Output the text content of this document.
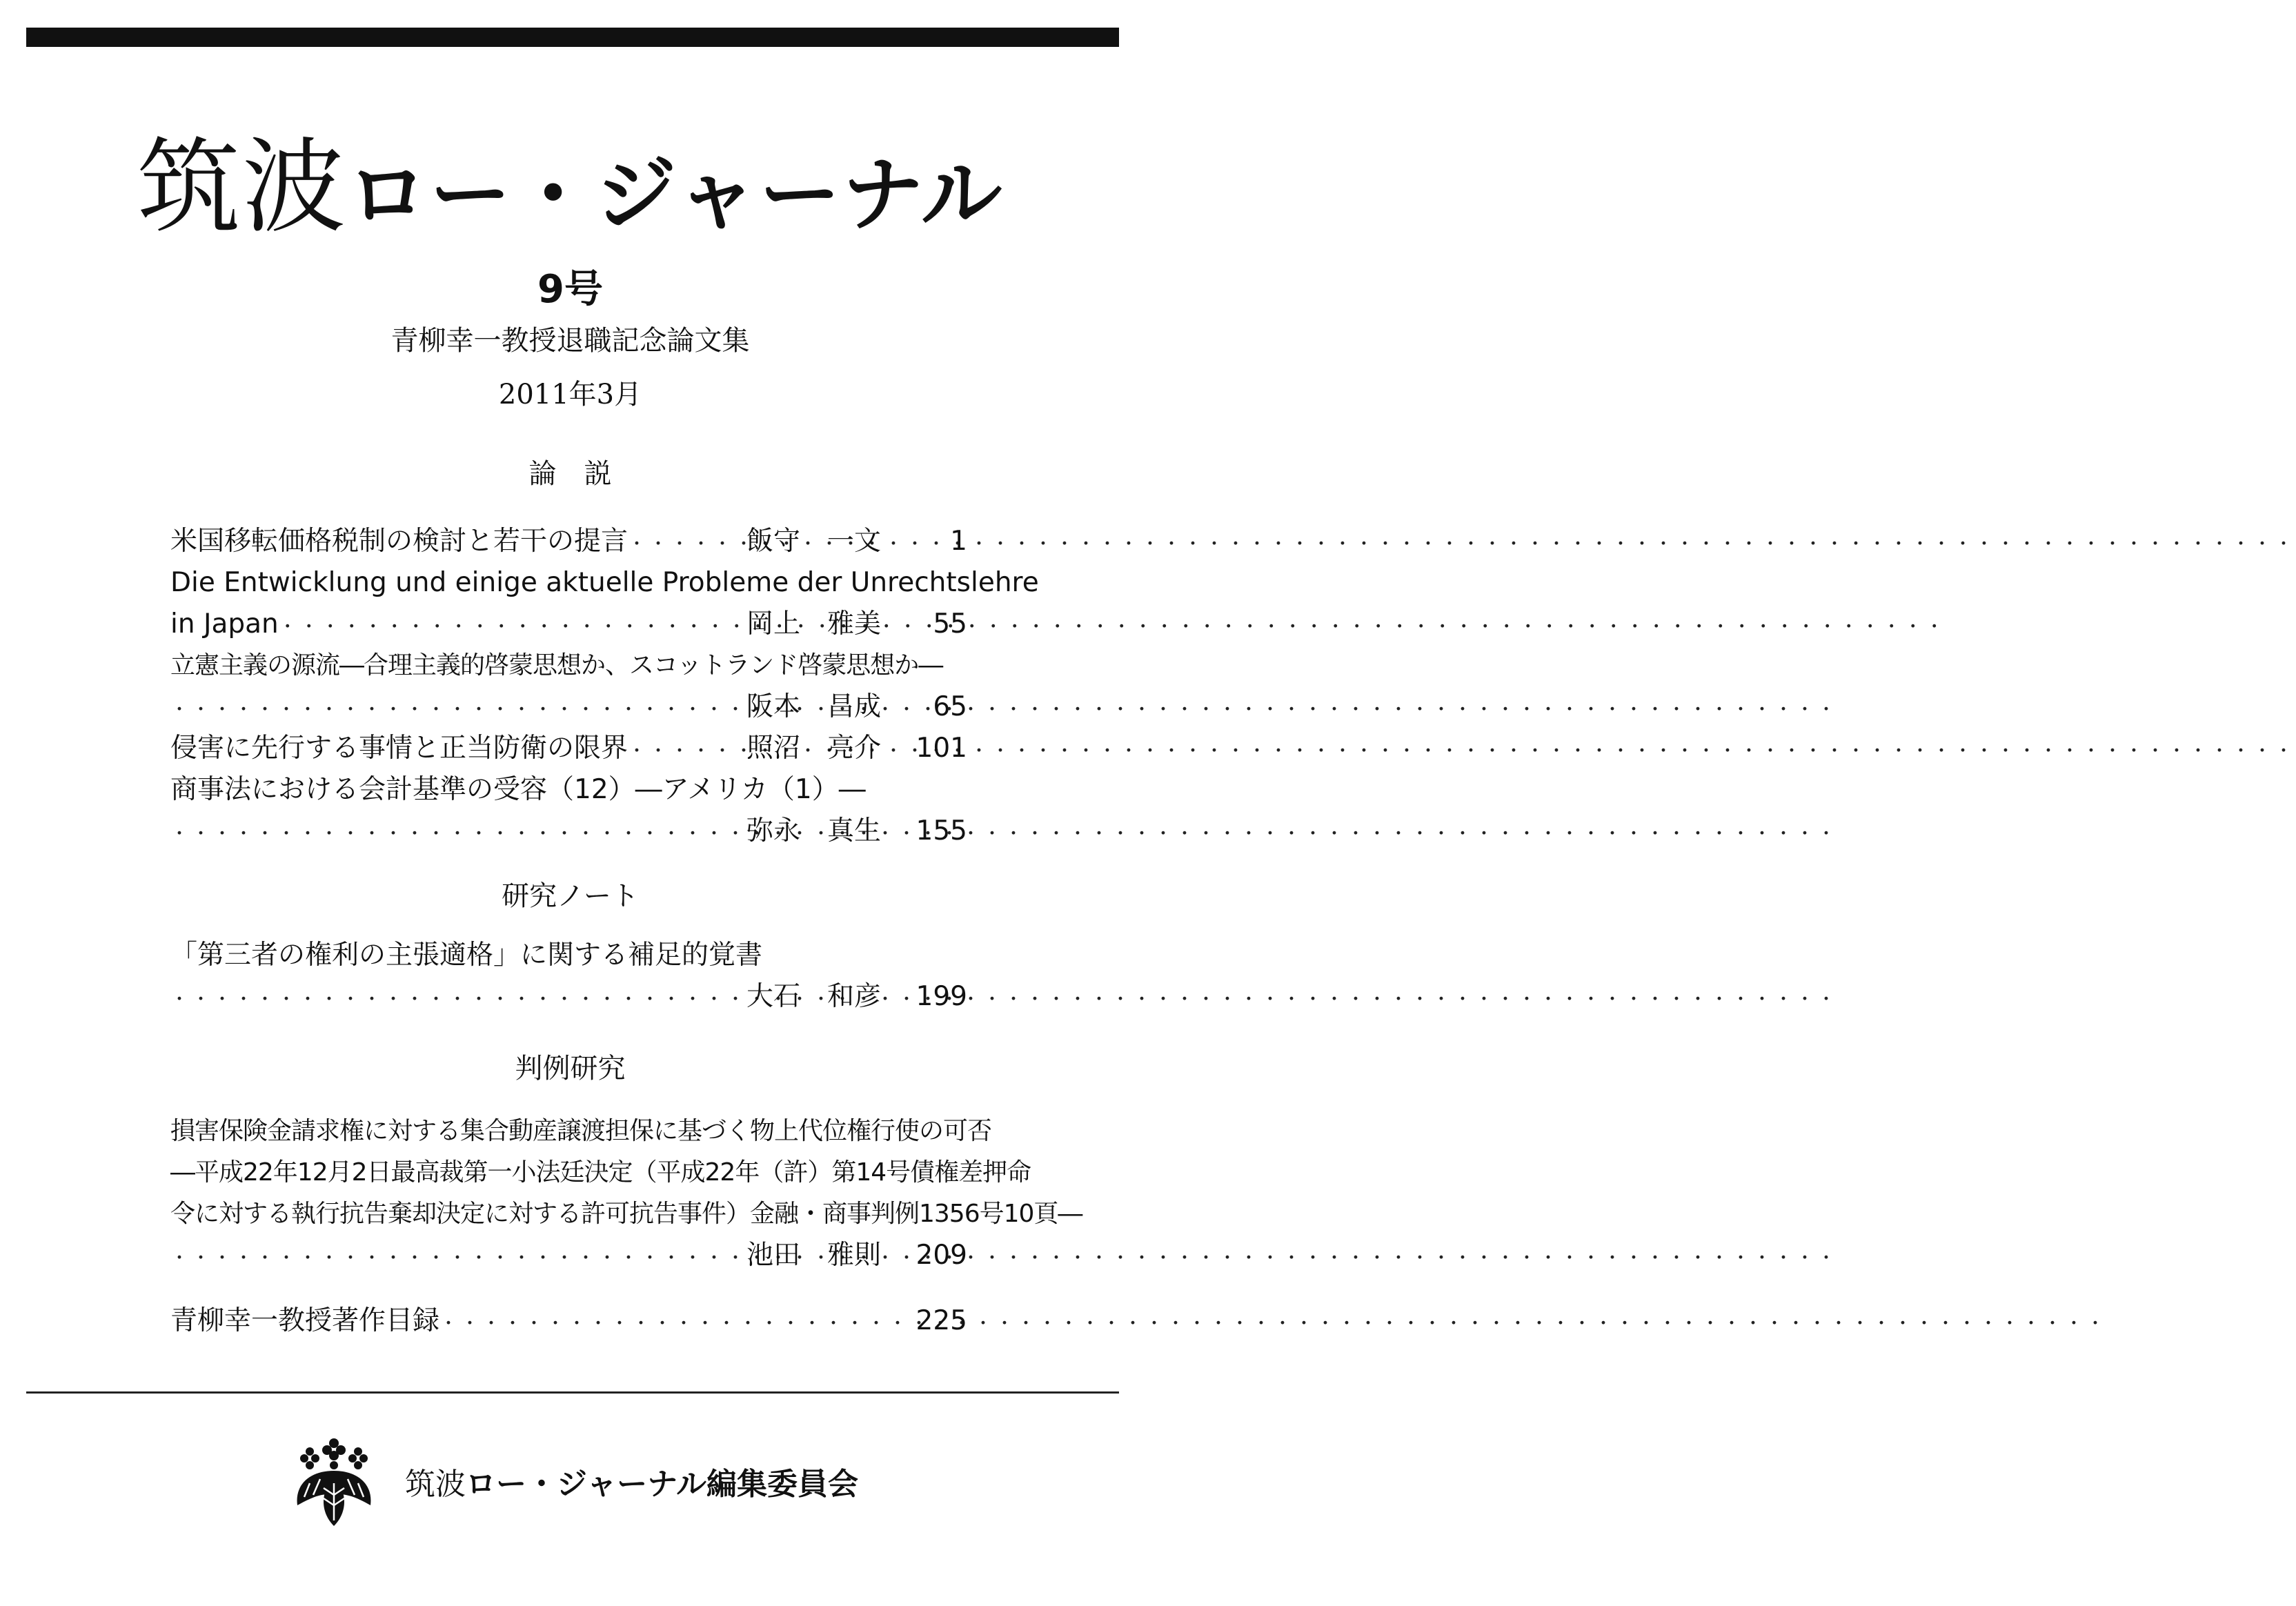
筑波ロー・ジャーナル
9号
青柳幸一教授退職記念論文集
2011年3月
論　説
米国移転価格税制の検討と若干の提言 ・・・・・・・・・・・・・・・・・・・・・・・・・・・・・・・・・・・・・・・・・・・・・・・・・・・・・・・・・・・・・・・・・・・・・・・・・・・・・・	飯守　一文	1
Die Entwicklung und einige aktuelle Probleme der Unrechtslehre
in Japan ・・・・・・・・・・・・・・・・・・・・・・・・・・・・・・・・・・・・・・・・・・・・・・・・・・・・・・・・・・・・・・・・・・・・・・・・・・・・・・	岡上　雅美	55
立憲主義の源流―合理主義的啓蒙思想か、スコットランド啓蒙思想か―
・・・・・・・・・・・・・・・・・・・・・・・・・・・・・・・・・・・・・・・・・・・・・・・・・・・・・・・・・・・・・・・・・・・・・・・・・・・・・・
阪本　昌成	65
侵害に先行する事情と正当防衛の限界 ・・・・・・・・・・・・・・・・・・・・・・・・・・・・・・・・・・・・・・・・・・・・・・・・・・・・・・・・・・・・・・・・・・・・・・・・・・・・・・	照沼　亮介	101
商事法における会計基準の受容（12）―アメリカ（1）―
・・・・・・・・・・・・・・・・・・・・・・・・・・・・・・・・・・・・・・・・・・・・・・・・・・・・・・・・・・・・・・・・・・・・・・・・・・・・・・
弥永　真生	155
研究ノート
「第三者の権利の主張適格」に関する補足的覚書
・・・・・・・・・・・・・・・・・・・・・・・・・・・・・・・・・・・・・・・・・・・・・・・・・・・・・・・・・・・・・・・・・・・・・・・・・・・・・・
大石　和彦	199
判例研究
損害保険金請求権に対する集合動産譲渡担保に基づく物上代位権行使の可否
―平成22年12月2日最高裁第一小法廷決定（平成22年（許）第14号債権差押命
令に対する執行抗告棄却決定に対する許可抗告事件）金融・商事判例1356号10頁―
・・・・・・・・・・・・・・・・・・・・・・・・・・・・・・・・・・・・・・・・・・・・・・・・・・・・・・・・・・・・・・・・・・・・・・・・・・・・・・
池田　雅則	209
青柳幸一教授著作目録 ・・・・・・・・・・・・・・・・・・・・・・・・・・・・・・・・・・・・・・・・・・・・・・・・・・・・・・・・・・・・・・・・・・・・・・・・・・・・・・	225
筑波ロー・ジャーナル編集委員会
